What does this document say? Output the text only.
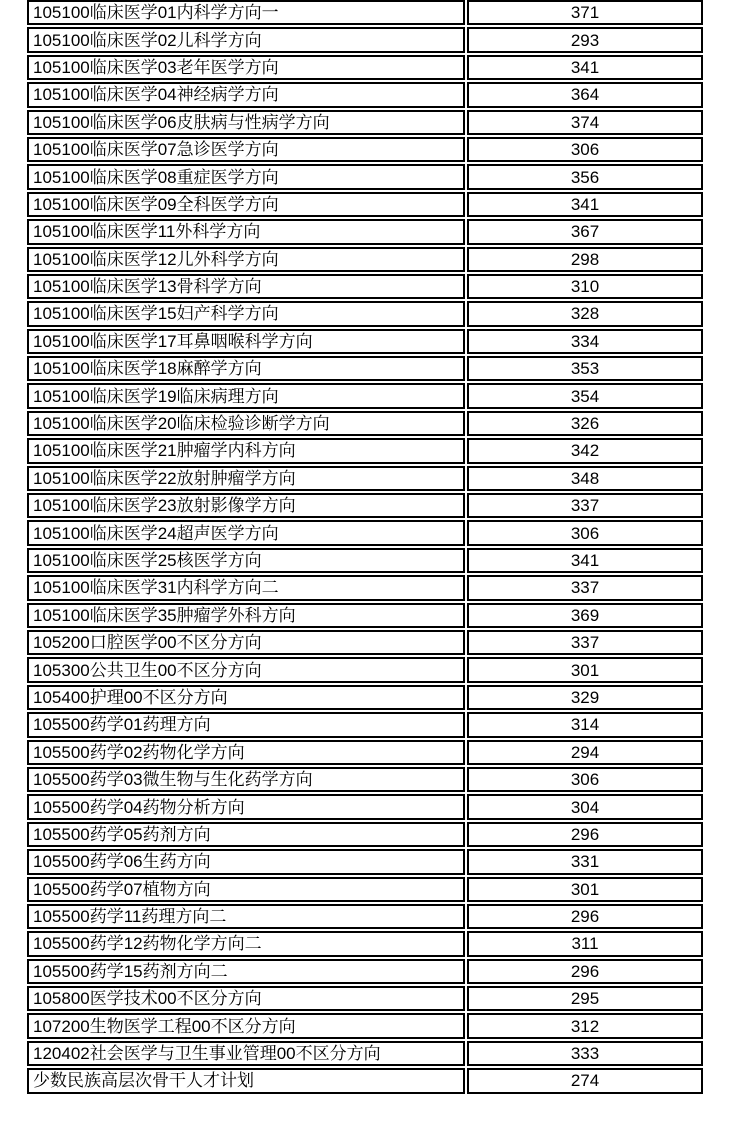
105100临床医学01内科学方向一	371
105100临床医学02儿科学方向	293
105100临床医学03老年医学方向	341
105100临床医学04神经病学方向	364
105100临床医学06皮肤病与性病学方向	374
105100临床医学07急诊医学方向	306
105100临床医学08重症医学方向	356
105100临床医学09全科医学方向	341
105100临床医学11外科学方向	367
105100临床医学12儿外科学方向	298
105100临床医学13骨科学方向	310
105100临床医学15妇产科学方向	328
105100临床医学17耳鼻咽喉科学方向	334
105100临床医学18麻醉学方向	353
105100临床医学19临床病理方向	354
105100临床医学20临床检验诊断学方向	326
105100临床医学21肿瘤学内科方向	342
105100临床医学22放射肿瘤学方向	348
105100临床医学23放射影像学方向	337
105100临床医学24超声医学方向	306
105100临床医学25核医学方向	341
105100临床医学31内科学方向二	337
105100临床医学35肿瘤学外科方向	369
105200口腔医学00不区分方向	337
105300公共卫生00不区分方向	301
105400护理00不区分方向	329
105500药学01药理方向	314
105500药学02药物化学方向	294
105500药学03微生物与生化药学方向	306
105500药学04药物分析方向	304
105500药学05药剂方向	296
105500药学06生药方向	331
105500药学07植物方向	301
105500药学11药理方向二	296
105500药学12药物化学方向二	311
105500药学15药剂方向二	296
105800医学技术00不区分方向	295
107200生物医学工程00不区分方向	312
120402社会医学与卫生事业管理00不区分方向	333
少数民族高层次骨干人才计划	274
